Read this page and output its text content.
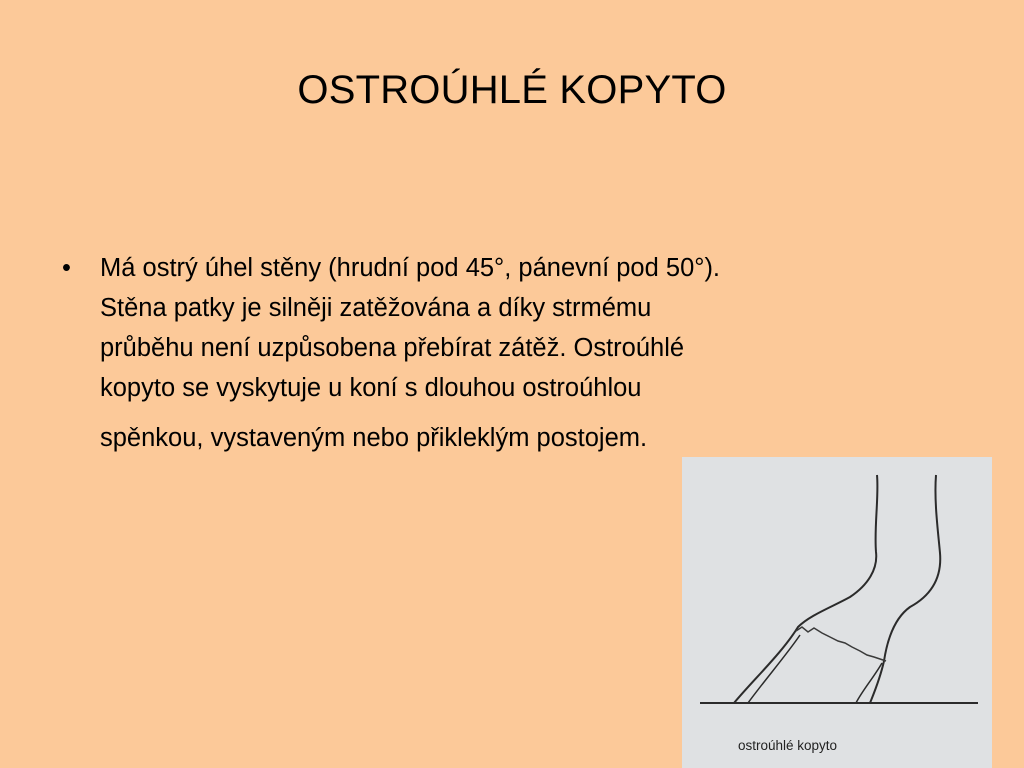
OSTROÚHLÉ KOPYTO
• Má ostrý úhel stěny (hrudní pod 45°, pánevní pod 50°).
Stěna patky je silněji zatěžována a díky strmému
průběhu není uzpůsobena přebírat zátěž. Ostroúhlé
kopyto se vyskytuje u koní s dlouhou ostroúhlou
spěnkou, vystaveným nebo přikleklým postojem.
ostroúhlé kopyto
